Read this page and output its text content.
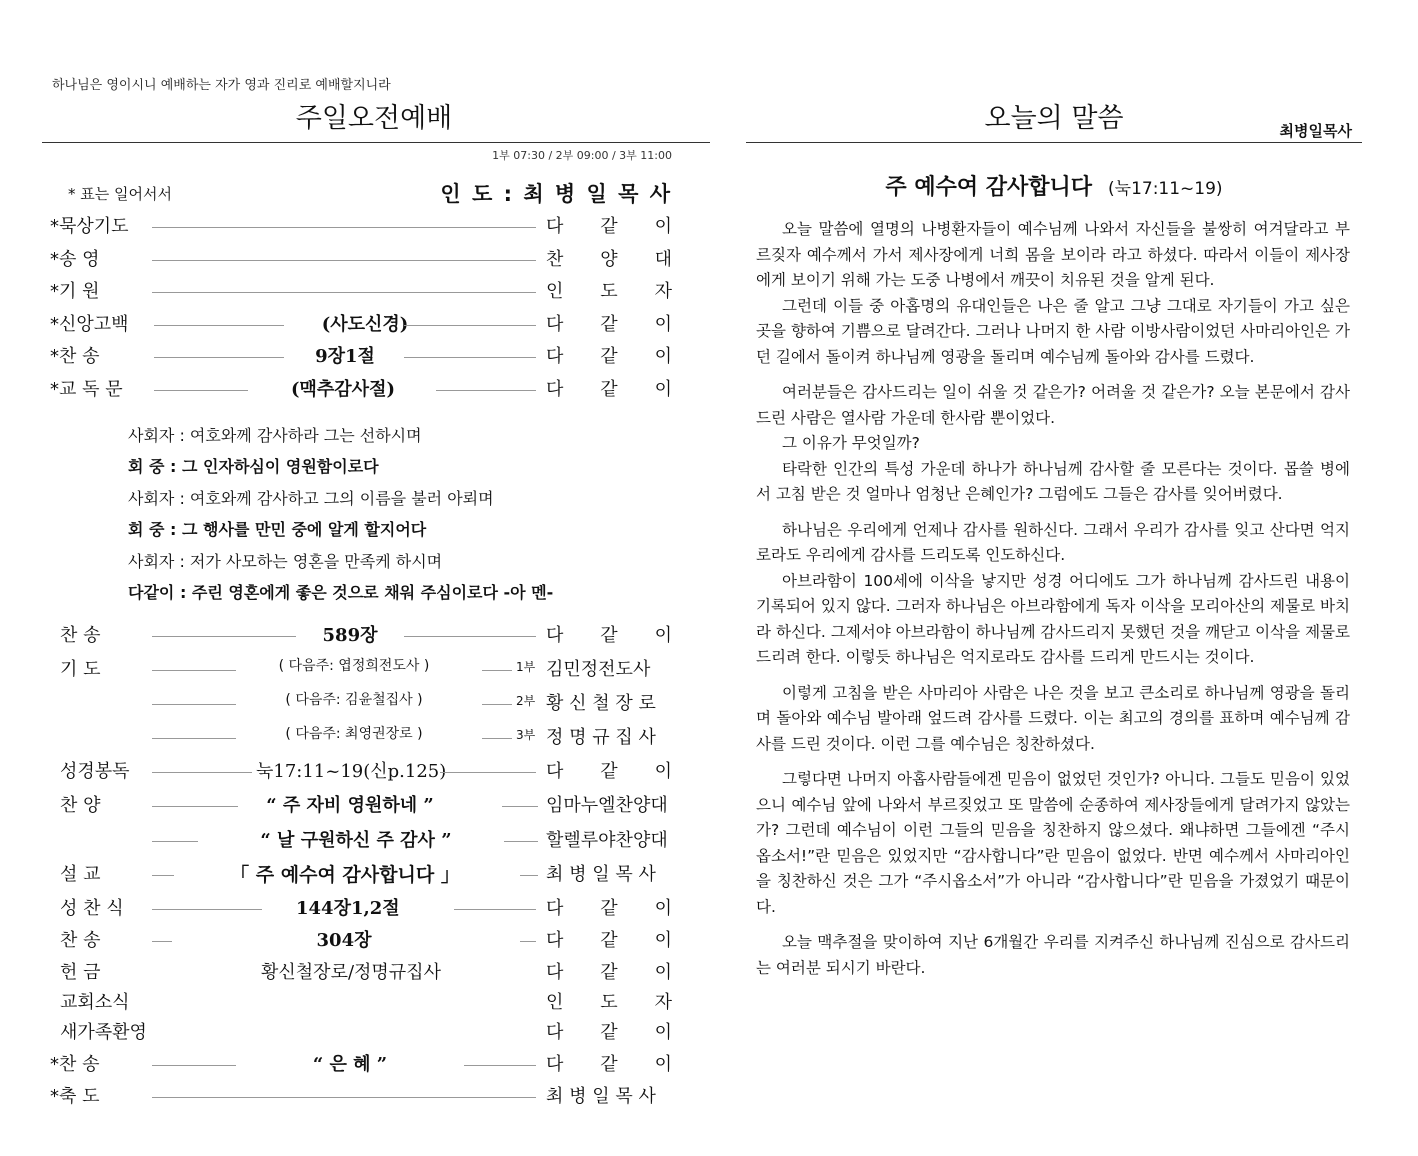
하나님은 영이시니 예배하는 자가 영과 진리로 예배할지니라
주일오전예배
1부 07:30 / 2부 09:00 / 3부 11:00
* 표는 일어서서	인 도 : 최 병 일 목 사
*묵상기도	다 같 이
*송 영	찬 양 대
*기 원	인 도 자
*신앙고백	(사도신경)	다 같 이
*찬 송	9장1절	다 같 이
*교 독 문	(맥추감사절)	다 같 이
사회자 : 여호와께 감사하라 그는 선하시며
회 중 : 그 인자하심이 영원함이로다
사회자 : 여호와께 감사하고 그의 이름을 불러 아뢰며
회 중 : 그 행사를 만민 중에 알게 할지어다
사회자 : 저가 사모하는 영혼을 만족케 하시며
다같이 : 주린 영혼에게 좋은 것으로 채워 주심이로다 -아 멘-
찬 송	589장	다 같 이
기 도	( 다음주: 엽정희전도사 )	1부 김민정전도사
( 다음주: 김윤철집사 )	2부 황 신 철 장 로
( 다음주: 최영권장로 )	3부 정 명 규 집 사
성경봉독	눅17:11~19(신p.125)	다 같 이
찬 양	“ 주 자비 영원하네 ”	임마누엘찬양대
“ 날 구원하신 주 감사 ”	할렐루야찬양대
설 교	「 주 예수여 감사합니다 」	최 병 일 목 사
성 찬 식	144장1,2절	다 같 이
찬 송	304장	다 같 이
헌 금	황신철장로/정명규집사	다 같 이
교회소식	인 도 자
새가족환영	다 같 이
*찬 송	“ 은 혜 ”	다 같 이
*축 도	최 병 일 목 사
오늘의 말씀	최병일목사
주 예수여 감사합니다 (눅17:11~19)

오늘 말씀에 열명의 나병환자들이 예수님께 나와서 자신들을 불쌍히 여겨달라고 부르짖자 예수께서 가서 제사장에게 너희 몸을 보이라 라고 하셨다. 따라서 이들이 제사장에게 보이기 위해 가는 도중 나병에서 깨끗이 치유된 것을 알게 된다.

그런데 이들 중 아홉명의 유대인들은 나은 줄 알고 그냥 그대로 자기들이 가고 싶은 곳을 향하여 기쁨으로 달려간다. 그러나 나머지 한 사람 이방사람이었던 사마리아인은 가던 길에서 돌이켜 하나님께 영광을 돌리며 예수님께 돌아와 감사를 드렸다.

여러분들은 감사드리는 일이 쉬울 것 같은가? 어려울 것 같은가? 오늘 본문에서 감사드린 사람은 열사람 가운데 한사람 뿐이었다.

그 이유가 무엇일까?

타락한 인간의 특성 가운데 하나가 하나님께 감사할 줄 모른다는 것이다. 몹쓸 병에서 고침 받은 것 얼마나 엄청난 은혜인가? 그럼에도 그들은 감사를 잊어버렸다.

하나님은 우리에게 언제나 감사를 원하신다. 그래서 우리가 감사를 잊고 산다면 억지로라도 우리에게 감사를 드리도록 인도하신다.

아브라함이 100세에 이삭을 낳지만 성경 어디에도 그가 하나님께 감사드린 내용이 기록되어 있지 않다. 그러자 하나님은 아브라함에게 독자 이삭을 모리아산의 제물로 바치라 하신다. 그제서야 아브라함이 하나님께 감사드리지 못했던 것을 깨닫고 이삭을 제물로 드리려 한다. 이렇듯 하나님은 억지로라도 감사를 드리게 만드시는 것이다.

이렇게 고침을 받은 사마리아 사람은 나은 것을 보고 큰소리로 하나님께 영광을 돌리며 돌아와 예수님 발아래 엎드려 감사를 드렸다. 이는 최고의 경의를 표하며 예수님께 감사를 드린 것이다. 이런 그를 예수님은 칭찬하셨다.

그렇다면 나머지 아홉사람들에겐 믿음이 없었던 것인가? 아니다. 그들도 믿음이 있었으니 예수님 앞에 나와서 부르짖었고 또 말씀에 순종하여 제사장들에게 달려가지 않았는가? 그런데 예수님이 이런 그들의 믿음을 칭찬하지 않으셨다. 왜냐하면 그들에겐 “주시옵소서!”란 믿음은 있었지만 “감사합니다”란 믿음이 없었다. 반면 예수께서 사마리아인을 칭찬하신 것은 그가 “주시옵소서”가 아니라 “감사합니다”란 믿음을 가졌었기 때문이다.

오늘 맥추절을 맞이하여 지난 6개월간 우리를 지켜주신 하나님께 진심으로 감사드리는 여러분 되시기 바란다.
